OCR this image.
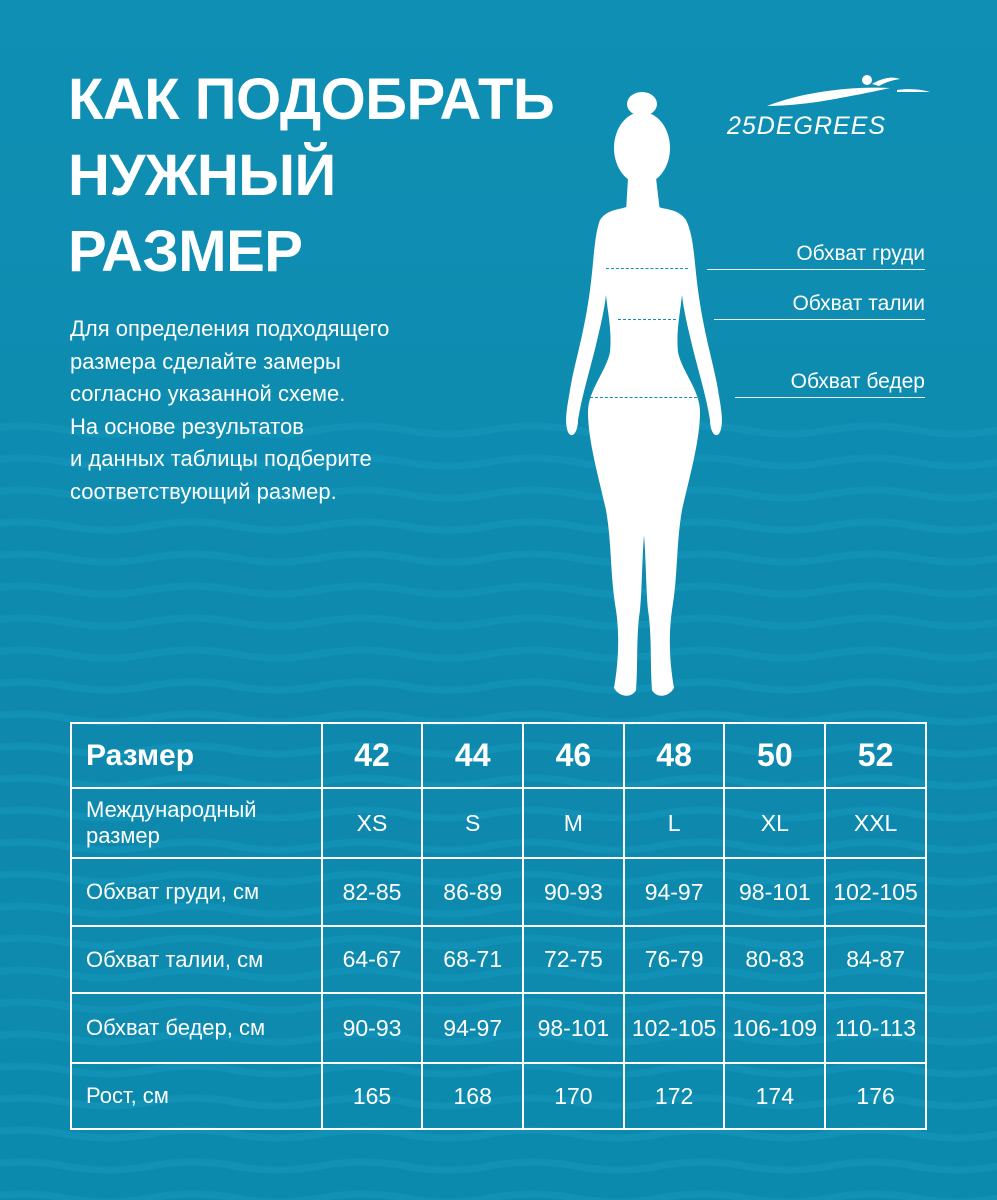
КАК ПОДОБРАТЬ
НУЖНЫЙ
РАЗМЕР
Для определения подходящего
размера сделайте замеры
согласно указанной схеме.
На основе результатов
и данных таблицы подберите
соответствующий размер.
25DEGREES
Обхват груди
Обхват талии
Обхват бедер
Размер	42	44	46	48	50	52

Международный
размер	XS	S	M	L	XL	XXL
Обхват груди, см	82-85	86-89	90-93	94-97	98-101	102-105
Обхват талии, см	64-67	68-71	72-75	76-79	80-83	84-87
Обхват бедер, см	90-93	94-97	98-101	102-105	106-109	110-113
Рост, см	165	168	170	172	174	176
